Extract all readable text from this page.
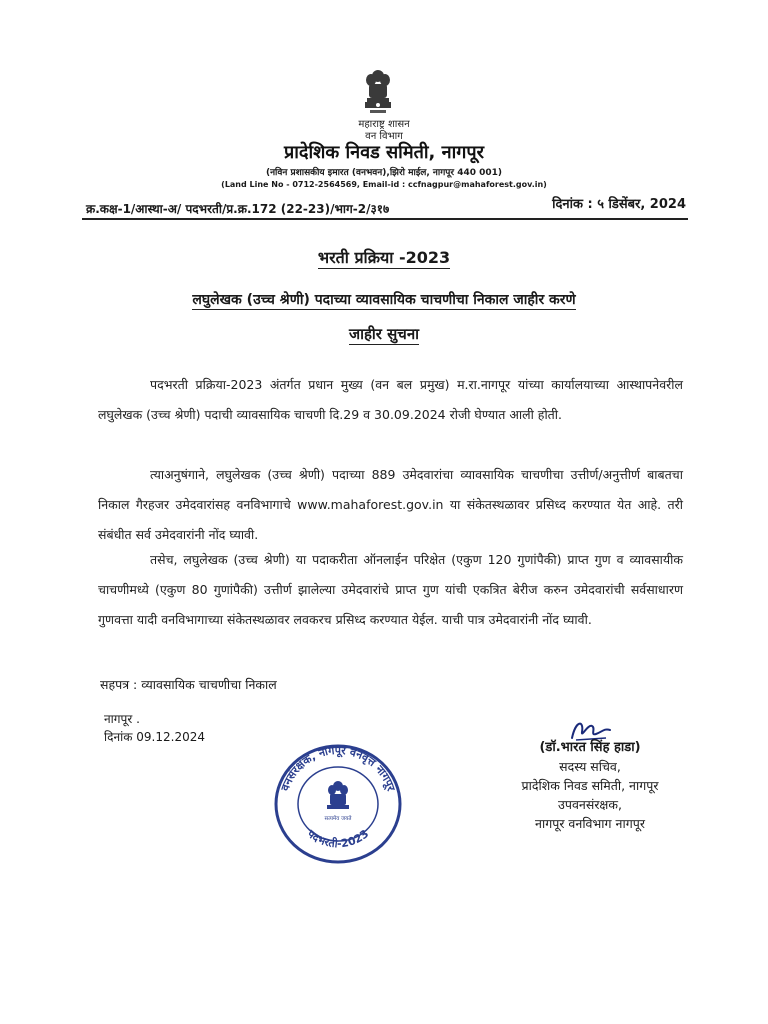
महाराष्ट्र शासन
वन विभाग
प्रादेशिक निवड समिती, नागपूर
(नविन प्रशासकीय इमारत (वनभवन),झिरो माईल, नागपूर 440 001)
(Land Line No - 0712-2564569, Email-id : ccfnagpur@mahaforest.gov.in)
क्र.कक्ष-1/आस्था-अ/ पदभरती/प्र.क्र.172 (22-23)/भाग-2/३१७	दिनांक : ५ डिसेंबर, 2024
भरती प्रक्रिया -2023
लघुलेखक (उच्च श्रेणी) पदाच्या व्यावसायिक चाचणीचा निकाल जाहीर करणे
जाहीर सुचना
पदभरती प्रक्रिया-2023 अंतर्गत प्रधान मुख्य (वन बल प्रमुख) म.रा.नागपूर यांच्या कार्यालयाच्या आस्थापनेवरील लघुलेखक (उच्च श्रेणी) पदाची व्यावसायिक चाचणी दि.29 व 30.09.2024 रोजी घेण्यात आली होती.
त्याअनुषंगाने, लघुलेखक (उच्च श्रेणी) पदाच्या 889 उमेदवारांचा व्यावसायिक चाचणीचा उत्तीर्ण/अनुत्तीर्ण बाबतचा निकाल गैरहजर उमेदवारांसह वनविभागाचे www.mahaforest.gov.in या संकेतस्थळावर प्रसिध्द करण्यात येत आहे. तरी संबंधीत सर्व उमेदवारांनी नोंद घ्यावी.
तसेच, लघुलेखक (उच्च श्रेणी) या पदाकरीता ऑनलाईन परिक्षेत (एकुण 120 गुणांपैकी) प्राप्त गुण व व्यावसायीक चाचणीमध्ये (एकुण 80 गुणांपैकी) उत्तीर्ण झालेल्या उमेदवारांचे प्राप्त गुण यांची एकत्रित बेरीज करुन उमेदवारांची सर्वसाधारण गुणवत्ता यादी वनविभागाच्या संकेतस्थळावर लवकरच प्रसिध्द करण्यात येईल. याची पात्र उमेदवारांनी नोंद घ्यावी.
सहपत्र : व्यावसायिक चाचणीचा निकाल
नागपूर .
दिनांक 09.12.2024
वनसंरक्षक, नागपूर वनवृत्त नागपूर
पदभरती-2023
सत्यमेव जयते
(डॉ.भारत सिंह हाडा)
सदस्य सचिव,
प्रादेशिक निवड समिती, नागपूर
उपवनसंरक्षक,
नागपूर वनविभाग नागपूर
